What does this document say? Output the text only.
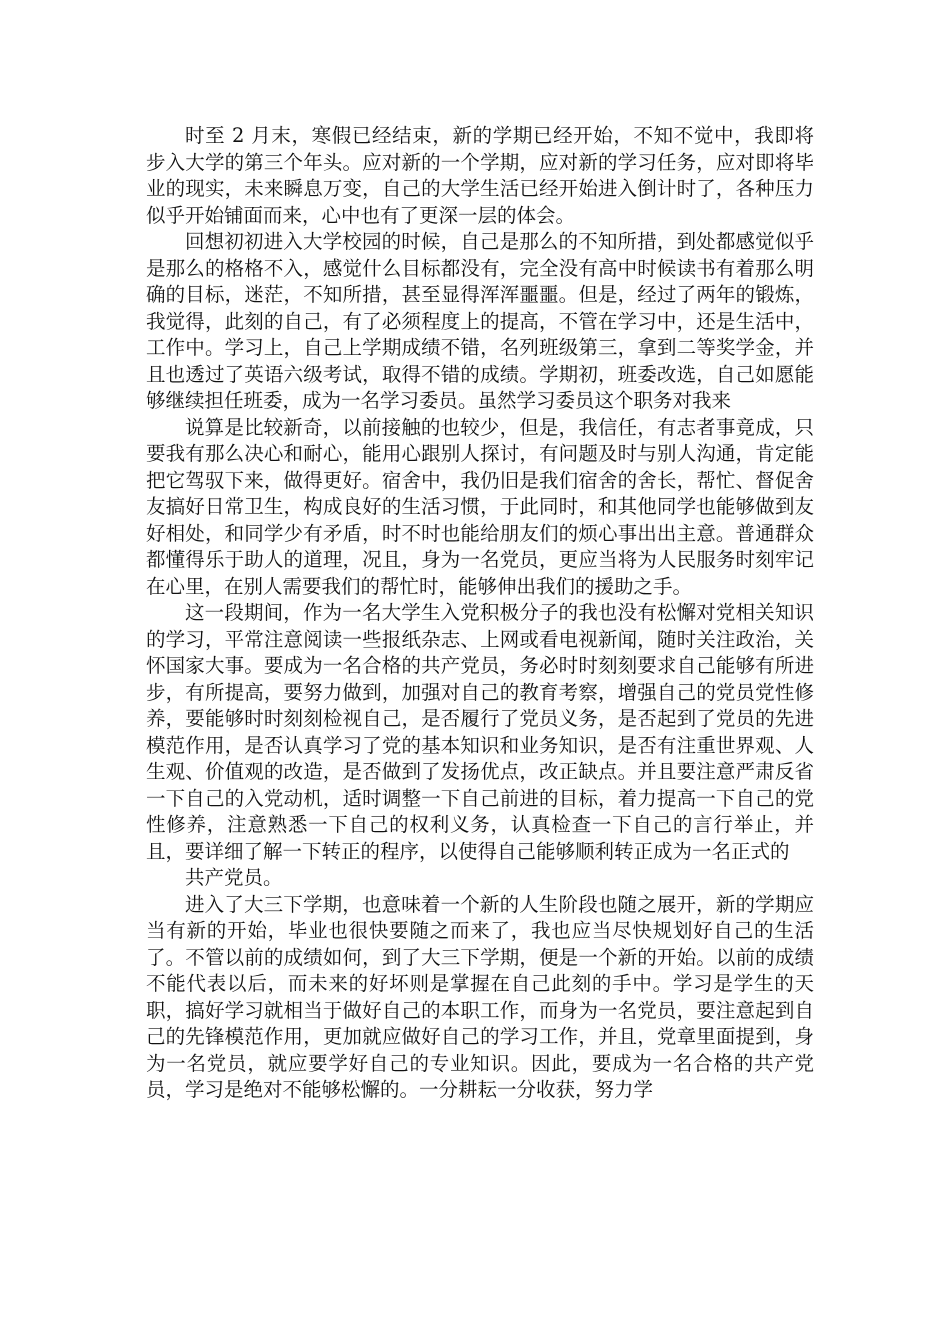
时至 2 月末，寒假已经结束，新的学期已经开始，不知不觉中，我即将步入大学的第三个年头。应对新的一个学期，应对新的学习任务，应对即将毕业的现实，未来瞬息万变，自己的大学生活已经开始进入倒计时了，各种压力似乎开始铺面而来，心中也有了更深一层的体会。

回想初初进入大学校园的时候，自己是那么的不知所措，到处都感觉似乎是那么的格格不入，感觉什么目标都没有，完全没有高中时候读书有着那么明确的目标，迷茫，不知所措，甚至显得浑浑噩噩。但是，经过了两年的锻炼，我觉得，此刻的自己，有了必须程度上的提高，不管在学习中，还是生活中，工作中。学习上，自己上学期成绩不错，名列班级第三，拿到二等奖学金，并且也透过了英语六级考试，取得不错的成绩。学期初，班委改选，自己如愿能够继续担任班委，成为一名学习委员。虽然学习委员这个职务对我来

说算是比较新奇，以前接触的也较少，但是，我信任，有志者事竟成，只要我有那么决心和耐心，能用心跟别人探讨，有问题及时与别人沟通，肯定能把它驾驭下来，做得更好。宿舍中，我仍旧是我们宿舍的舍长，帮忙、督促舍友搞好日常卫生，构成良好的生活习惯，于此同时，和其他同学也能够做到友好相处，和同学少有矛盾，时不时也能给朋友们的烦心事出出主意。普通群众都懂得乐于助人的道理，况且，身为一名党员，更应当将为人民服务时刻牢记在心里，在别人需要我们的帮忙时，能够伸出我们的援助之手。

这一段期间，作为一名大学生入党积极分子的我也没有松懈对党相关知识的学习，平常注意阅读一些报纸杂志、上网或看电视新闻，随时关注政治，关怀国家大事。要成为一名合格的共产党员，务必时时刻刻要求自己能够有所进步，有所提高，要努力做到，加强对自己的教育考察，增强自己的党员党性修养，要能够时时刻刻检视自己，是否履行了党员义务，是否起到了党员的先进模范作用，是否认真学习了党的基本知识和业务知识，是否有注重世界观、人生观、价值观的改造，是否做到了发扬优点，改正缺点。并且要注意严肃反省一下自己的入党动机，适时调整一下自己前进的目标，着力提高一下自己的党性修养，注意熟悉一下自己的权利义务，认真检查一下自己的言行举止，并且，要详细了解一下转正的程序，以使得自己能够顺利转正成为一名正式的

共产党员。

进入了大三下学期，也意味着一个新的人生阶段也随之展开，新的学期应当有新的开始，毕业也很快要随之而来了，我也应当尽快规划好自己的生活了。不管以前的成绩如何，到了大三下学期，便是一个新的开始。以前的成绩不能代表以后，而未来的好坏则是掌握在自己此刻的手中。学习是学生的天职，搞好学习就相当于做好自己的本职工作，而身为一名党员，要注意起到自己的先锋模范作用，更加就应做好自己的学习工作，并且，党章里面提到，身为一名党员，就应要学好自己的专业知识。因此，要成为一名合格的共产党员，学习是绝对不能够松懈的。一分耕耘一分收获，努力学
